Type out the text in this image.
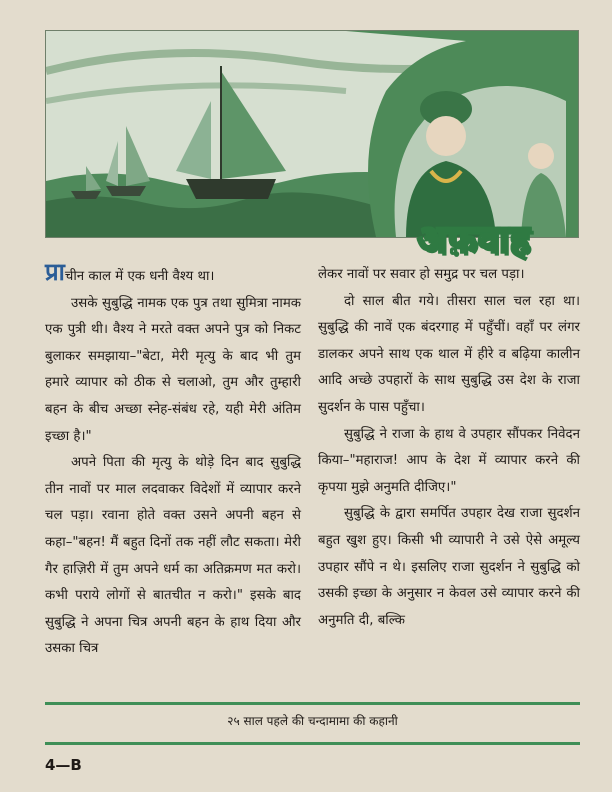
अफ़वाह

प्राचीन काल में एक धनी वैश्य था।

उसके सुबुद्धि नामक एक पुत्र तथा सुमित्रा नामक एक पुत्री थी। वैश्य ने मरते वक्त अपने पुत्र को निकट बुलाकर समझाया–"बेटा, मेरी मृत्यु के बाद भी तुम हमारे व्यापार को ठीक से चलाओ, तुम और तुम्हारी बहन के बीच अच्छा स्नेह-संबंध रहे, यही मेरी अंतिम इच्छा है।"

अपने पिता की मृत्यु के थोड़े दिन बाद सुबुद्धि तीन नावों पर माल लदवाकर विदेशों में व्यापार करने चल पड़ा। रवाना होते वक्त उसने अपनी बहन से कहा–"बहन! मैं बहुत दिनों तक नहीं लौट सकता। मेरी गैर हाज़िरी में तुम अपने धर्म का अतिक्रमण मत करो। कभी पराये लोगों से बातचीत न करो।" इसके बाद सुबुद्धि ने अपना चित्र अपनी बहन के हाथ दिया और उसका चित्र

लेकर नावों पर सवार हो समुद्र पर चल पड़ा।

दो साल बीत गये। तीसरा साल चल रहा था। सुबुद्धि की नावें एक बंदरगाह में पहुँचीं। वहाँ पर लंगर डालकर अपने साथ एक थाल में हीरे व बढ़िया कालीन आदि अच्छे उपहारों के साथ सुबुद्धि उस देश के राजा सुदर्शन के पास पहुँचा।

सुबुद्धि ने राजा के हाथ वे उपहार सौंपकर निवेदन किया–"महाराज! आप के देश में व्यापार करने की कृपया मुझे अनुमति दीजिए।"

सुबुद्धि के द्वारा समर्पित उपहार देख राजा सुदर्शन बहुत खुश हुए। किसी भी व्यापारी ने उसे ऐसे अमूल्य उपहार सौंपे न थे। इसलिए राजा सुदर्शन ने सुबुद्धि को उसकी इच्छा के अनुसार न केवल उसे व्यापार करने की अनुमति दी, बल्कि

२५ साल पहले की चन्दामामा की कहानी
4—B
